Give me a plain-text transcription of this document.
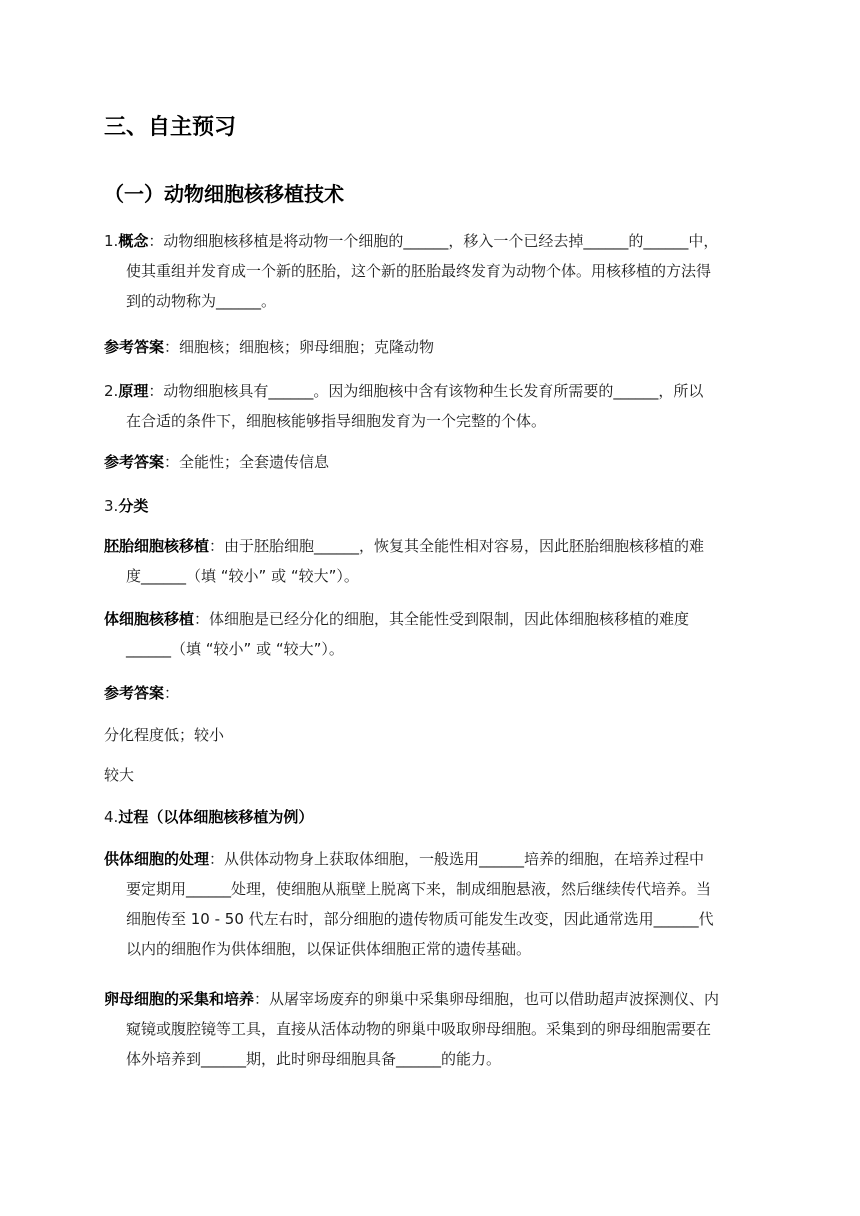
三、自主预习
（一）动物细胞核移植技术
1.概念：动物细胞核移植是将动物一个细胞的______，移入一个已经去掉______的______中，
使其重组并发育成一个新的胚胎，这个新的胚胎最终发育为动物个体。用核移植的方法得
到的动物称为______。
参考答案：细胞核；细胞核；卵母细胞；克隆动物
2.原理：动物细胞核具有______。因为细胞核中含有该物种生长发育所需要的______，所以
在合适的条件下，细胞核能够指导细胞发育为一个完整的个体。
参考答案：全能性；全套遗传信息
3.分类
胚胎细胞核移植：由于胚胎细胞______，恢复其全能性相对容易，因此胚胎细胞核移植的难
度______（填 “较小” 或 “较大”）。
体细胞核移植：体细胞是已经分化的细胞，其全能性受到限制，因此体细胞核移植的难度
______（填 “较小” 或 “较大”）。
参考答案：
分化程度低；较小
较大
4.过程（以体细胞核移植为例）
供体细胞的处理：从供体动物身上获取体细胞，一般选用______培养的细胞，在培养过程中
要定期用______处理，使细胞从瓶壁上脱离下来，制成细胞悬液，然后继续传代培养。当
细胞传至 10 - 50 代左右时，部分细胞的遗传物质可能发生改变，因此通常选用______代
以内的细胞作为供体细胞，以保证供体细胞正常的遗传基础。
卵母细胞的采集和培养：从屠宰场废弃的卵巢中采集卵母细胞，也可以借助超声波探测仪、内
窥镜或腹腔镜等工具，直接从活体动物的卵巢中吸取卵母细胞。采集到的卵母细胞需要在
体外培养到______期，此时卵母细胞具备______的能力。
